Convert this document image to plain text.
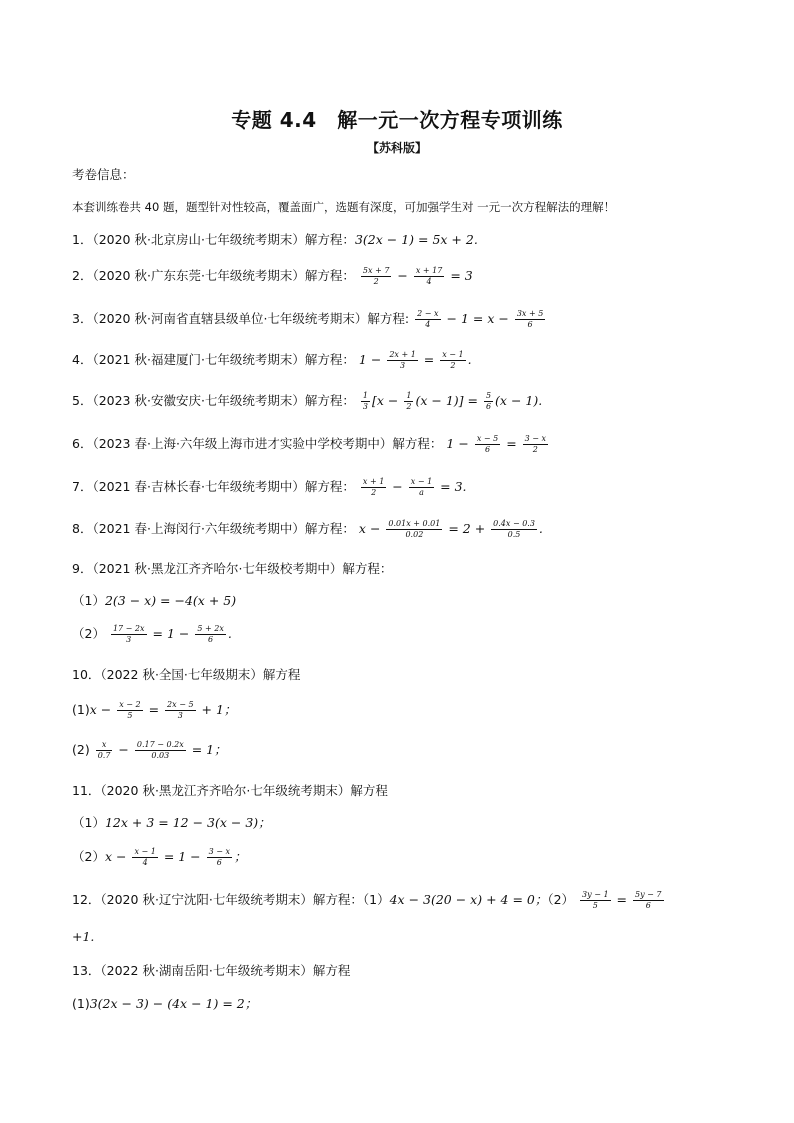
专题 4.4　解一元一次方程专项训练
【苏科版】
考卷信息：
本套训练卷共 40 题，题型针对性较高，覆盖面广，选题有深度，可加强学生对 一元一次方程解法的理解！
1．（2020 秋·北京房山·七年级统考期末）解方程：3(2x − 1) = 5x + 2.
2．（2020 秋·广东东莞·七年级统考期末）解方程： $\frac{5x + 7}{2} - \frac{x + 17}{4} = 3$
3．（2020 秋·河南省直辖县级单位·七年级统考期末）解方程: $\frac{2 - x}{4} - 1 = x - \frac{3x + 5}{6}$
4．（2021 秋·福建厦门·七年级统考期末）解方程： $1 - \frac{2x + 1}{3} = \frac{x - 1}{2}$ .
5．（2023 秋·安徽安庆·七年级统考期末）解方程： $\frac{1}{3} [x - \frac{1}{2} (x - 1)] = \frac{5}{6} (x - 1)$.
6．（2023 春·上海·六年级上海市进才实验中学校考期中）解方程： $1 - \frac{x - 5}{6} = \frac{3 - x}{2}$
7．（2021 春·吉林长春·七年级统考期中）解方程： $\frac{x + 1}{2} - \frac{x - 1}{a} = 3$.
8．（2021 春·上海闵行·六年级统考期中）解方程： $x - \frac{0.01x + 0.01}{0.02} = 2 + \frac{0.4x - 0.3}{0.5}$ .
9．（2021 秋·黑龙江齐齐哈尔·七年级校考期中）解方程：
（1）2(3 − x) = −4(x + 5)
$(2) \frac{17 - 2x}{3} = 1 - \frac{5 + 2x}{6}$ .
10．（2022 秋·全国·七年级期末）解方程
$(1)x - \frac{x - 2}{5} = \frac{2x - 5}{3} + 1$；
$(2) \frac{x}{0.7} - \frac{0.17 - 0.2x}{0.03} = 1$；
11．（2020 秋·黑龙江齐齐哈尔·七年级统考期末）解方程
（1）12x + 3 = 12 − 3(x − 3)；
$(2)x - \frac{x - 1}{4} = 1 - \frac{3 - x}{6}$ ；
12．（2020 秋·辽宁沈阳·七年级统考期末）解方程：（1）4x − 3(20 − x) + 4 = 0；$(2) \frac{3y - 1}{5} = \frac{5y - 7}{6}$
+1.
13．（2022 秋·湖南岳阳·七年级统考期末）解方程
(1)3(2x − 3) − (4x − 1) = 2；
